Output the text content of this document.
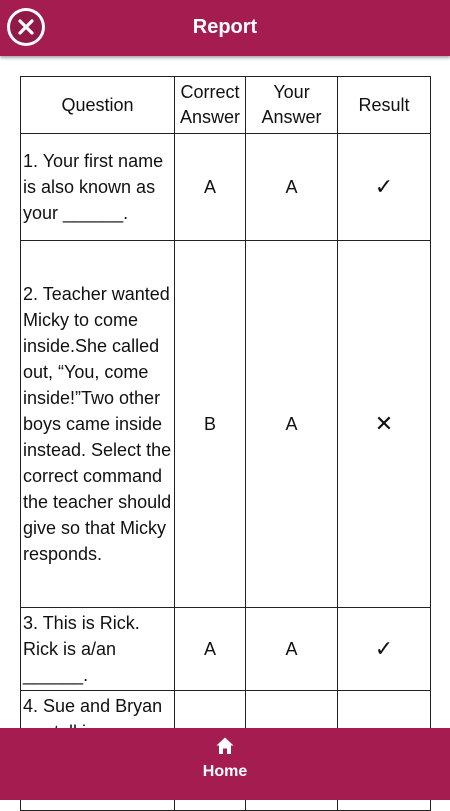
Report
Question	Correct Answer	Your Answer	Result
1. Your first name is also known as your ______.	A	A	✓
2. Teacher wanted Micky to come inside.She called out, “You, come inside!”Two other boys came inside instead. Select the correct command the teacher should give so that Micky responds.	B	A	✕
3. This is Rick. Rick is a/an ______.	A	A	✓
4. Sue and Bryan			
Home
